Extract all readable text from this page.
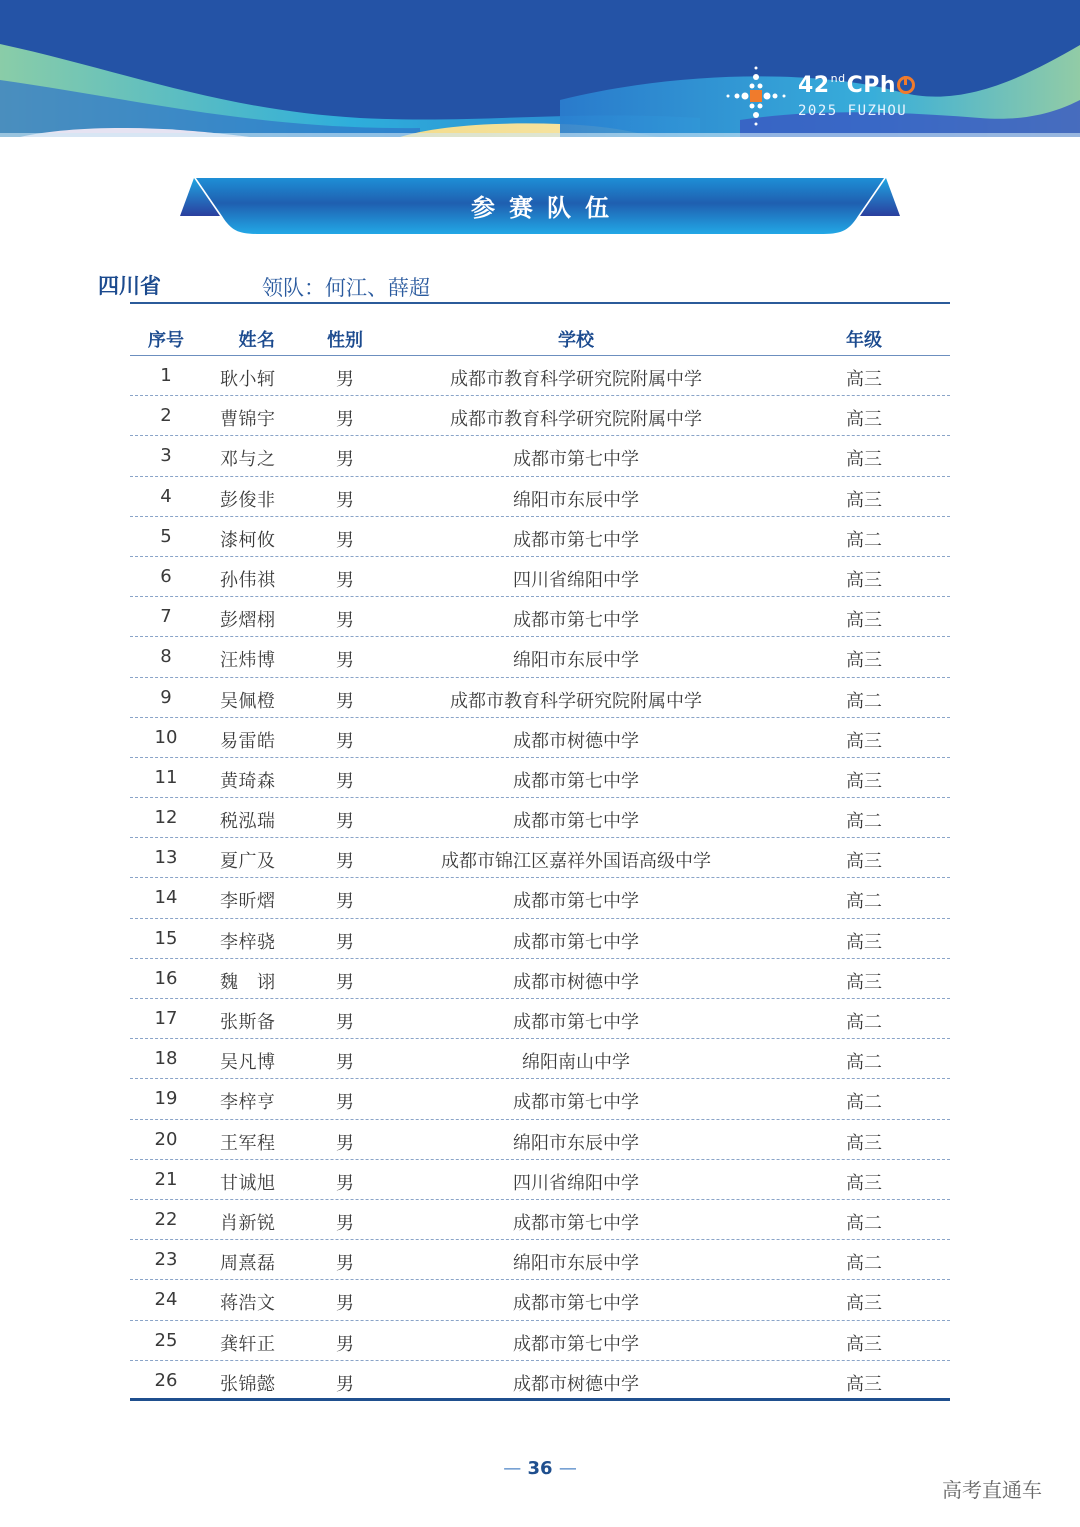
42ndCPh
2025 FUZHOU
参赛队伍
四川省	领队：何江、薛超
序号	姓名	性别	学校	年级
1	耿小轲	男	成都市教育科学研究院附属中学	高三
2	曹锦宇	男	成都市教育科学研究院附属中学	高三
3	邓与之	男	成都市第七中学	高三
4	彭俊非	男	绵阳市东辰中学	高三
5	漆柯攸	男	成都市第七中学	高二
6	孙伟祺	男	四川省绵阳中学	高三
7	彭熠栩	男	成都市第七中学	高三
8	汪炜博	男	绵阳市东辰中学	高三
9	吴佩橙	男	成都市教育科学研究院附属中学	高二
10	易雷皓	男	成都市树德中学	高三
11	黄琦森	男	成都市第七中学	高三
12	税泓瑞	男	成都市第七中学	高二
13	夏广及	男	成都市锦江区嘉祥外国语高级中学	高三
14	李昕熠	男	成都市第七中学	高二
15	李梓骁	男	成都市第七中学	高三
16	魏　诩	男	成都市树德中学	高三
17	张斯备	男	成都市第七中学	高二
18	吴凡博	男	绵阳南山中学	高二
19	李梓亨	男	成都市第七中学	高二
20	王军程	男	绵阳市东辰中学	高三
21	甘诚旭	男	四川省绵阳中学	高三
22	肖新锐	男	成都市第七中学	高二
23	周熹磊	男	绵阳市东辰中学	高二
24	蒋浩文	男	成都市第七中学	高三
25	龚轩正	男	成都市第七中学	高三
26	张锦懿	男	成都市树德中学	高三
— 36 —
高考直通车
